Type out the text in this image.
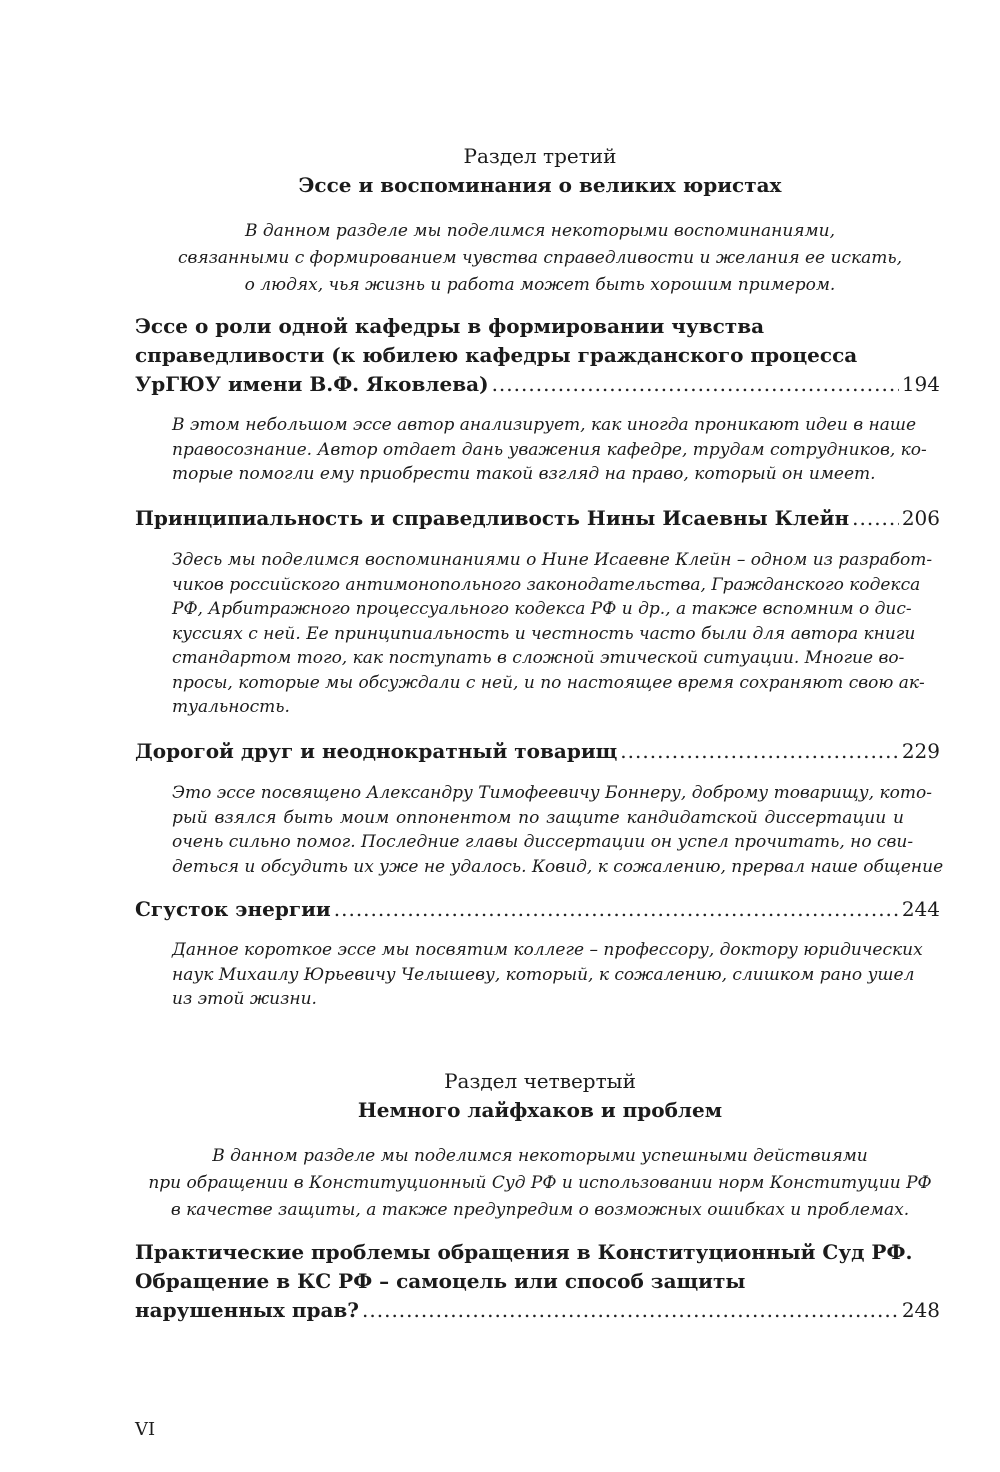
Раздел третий
Эссе и воспоминания о великих юристах
В данном разделе мы поделимся некоторыми воспоминаниями,
связанными с формированием чувства справедливости и желания ее искать,
о людях, чья жизнь и работа может быть хорошим примером.
Эссе о роли одной кафедры в формировании чувства
справедливости (к юбилею кафедры гражданского процесса
УрГЮУ имени В.Ф. Яковлева) .....	194
В этом небольшом эссе автор анализирует, как иногда проникают идеи в наше
правосознание. Автор отдает дань уважения кафедре, трудам сотрудников, ко-
торые помогли ему приобрести такой взгляд на право, который он имеет.
Принципиальность и справедливость Нины Исаевны Клейн .....	206
Здесь мы поделимся воспоминаниями о Нине Исаевне Клейн – одном из разработ-
чиков российского антимонопольного законодательства, Гражданского кодекса
РФ, Арбитражного процессуального кодекса РФ и др., а также вспомним о дис-
куссиях с ней. Ее принципиальность и честность часто были для автора книги
стандартом того, как поступать в сложной этической ситуации. Многие во-
просы, которые мы обсуждали с ней, и по настоящее время сохраняют свою ак-
туальность.
Дорогой друг и неоднократный товарищ .....	229
Это эссе посвящено Александру Тимофеевичу Боннеру, доброму товарищу, кото-
рый взялся быть моим оппонентом по защите кандидатской диссертации и
очень сильно помог. Последние главы диссертации он успел прочитать, но сви-
деться и обсудить их уже не удалось. Ковид, к сожалению, прервал наше общение
Сгусток энергии .....	244
Данное короткое эссе мы посвятим коллеге – профессору, доктору юридических
наук Михаилу Юрьевичу Челышеву, который, к сожалению, слишком рано ушел
из этой жизни.
Раздел четвертый
Немного лайфхаков и проблем
В данном разделе мы поделимся некоторыми успешными действиями
при обращении в Конституционный Суд РФ и использовании норм Конституции РФ
в качестве защиты, а также предупредим о возможных ошибках и проблемах.
Практические проблемы обращения в Конституционный Суд РФ.
Обращение в КС РФ – самоцель или способ защиты
нарушенных прав? .....	248
VI
